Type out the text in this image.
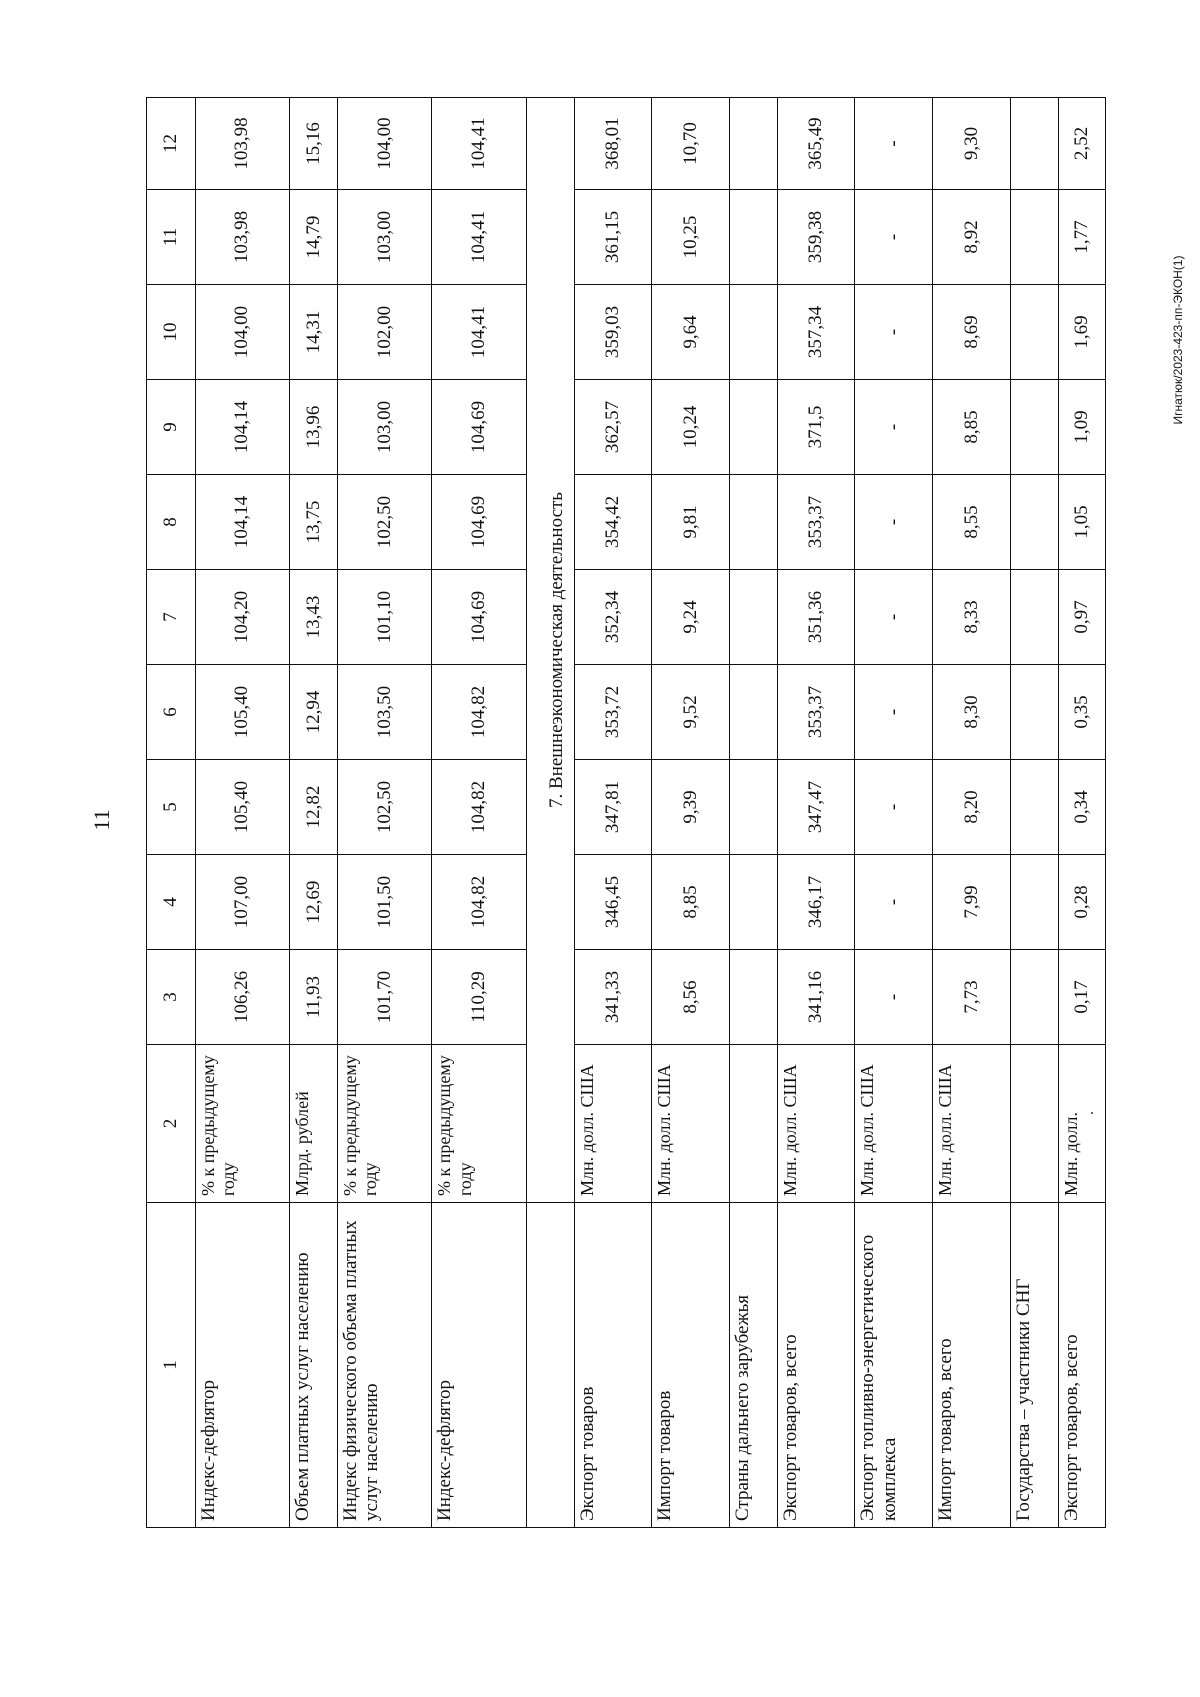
11
Игнатюк/2023-423-пп-ЭКОН(1)
1	2	3	4	5	6	7	8	9	10	11	12
Индекс-дефлятор	% к предыдущему году	106,26	107,00	105,40	105,40	104,20	104,14	104,14	104,00	103,98	103,98
Объем платных услуг населению	Млрд. рублей	11,93	12,69	12,82	12,94	13,43	13,75	13,96	14,31	14,79	15,16
Индекс физического объема платных услуг населению	% к предыдущему году	101,70	101,50	102,50	103,50	101,10	102,50	103,00	102,00	103,00	104,00
Индекс-дефлятор	% к предыдущему году	110,29	104,82	104,82	104,82	104,69	104,69	104,69	104,41	104,41	104,41
	7. Внешнеэкономическая деятельность										
Экспорт товаров	Млн. долл. США	341,33	346,45	347,81	353,72	352,34	354,42	362,57	359,03	361,15	368,01
Импорт товаров	Млн. долл. США	8,56	8,85	9,39	9,52	9,24	9,81	10,24	9,64	10,25	10,70
Страны дальнего зарубежья											
Экспорт товаров, всего	Млн. долл. США	341,16	346,17	347,47	353,37	351,36	353,37	371,5	357,34	359,38	365,49
Экспорт топливно-энергетического комплекса	Млн. долл. США	-	-	-	-	-	-	-	-	-	-
Импорт товаров, всего	Млн. долл. США	7,73	7,99	8,20	8,30	8,33	8,55	8,85	8,69	8,92	9,30
Государства – участники СНГ											
Экспорт товаров, всего	Млн. долл.	0,17	0,28	0,34	0,35	0,97	1,05	1,09	1,69	1,77	2,52
